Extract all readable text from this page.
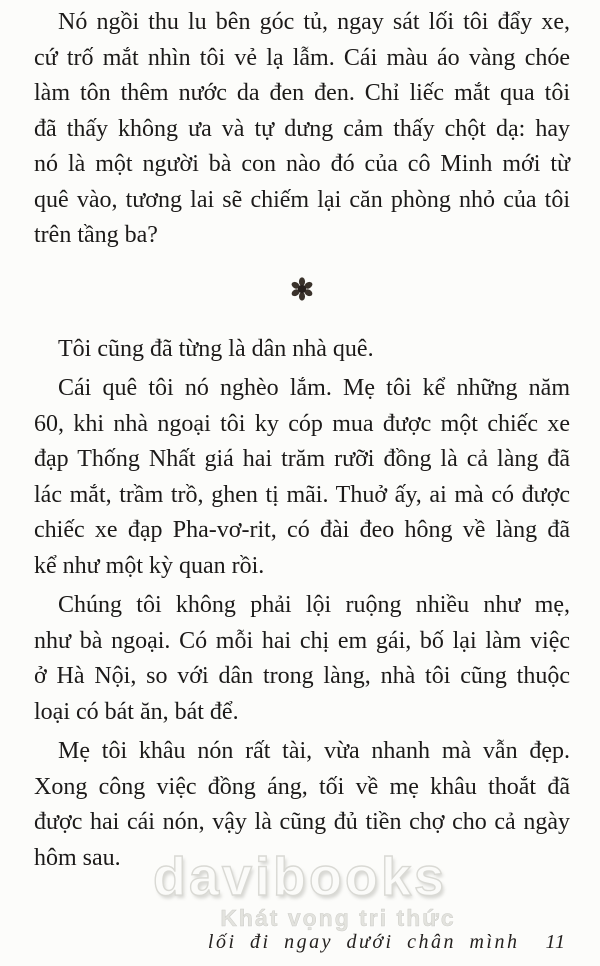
davibooks
Khát vọng tri thức
Nó ngồi thu lu bên góc tủ, ngay sát lối tôi đẩy xe,
cứ trố mắt nhìn tôi vẻ lạ lẫm. Cái màu áo vàng chóe
làm tôn thêm nước da đen đen. Chỉ liếc mắt qua tôi
đã thấy không ưa và tự dưng cảm thấy chột dạ: hay
nó là một người bà con nào đó của cô Minh mới từ
quê vào, tương lai sẽ chiếm lại căn phòng nhỏ của tôi
trên tầng ba?
Tôi cũng đã từng là dân nhà quê.
Cái quê tôi nó nghèo lắm. Mẹ tôi kể những năm
60, khi nhà ngoại tôi ky cóp mua được một chiếc xe
đạp Thống Nhất giá hai trăm rưỡi đồng là cả làng đã
lác mắt, trầm trồ, ghen tị mãi. Thuở ấy, ai mà có được
chiếc xe đạp Pha-vơ-rit, có đài đeo hông về làng đã
kể như một kỳ quan rồi.
Chúng tôi không phải lội ruộng nhiều như mẹ,
như bà ngoại. Có mỗi hai chị em gái, bố lại làm việc
ở Hà Nội, so với dân trong làng, nhà tôi cũng thuộc
loại có bát ăn, bát để.
Mẹ tôi khâu nón rất tài, vừa nhanh mà vẫn đẹp.
Xong công việc đồng áng, tối về mẹ khâu thoắt đã
được hai cái nón, vậy là cũng đủ tiền chợ cho cả ngày
hôm sau.
lối đi ngay dưới chân mình 11
